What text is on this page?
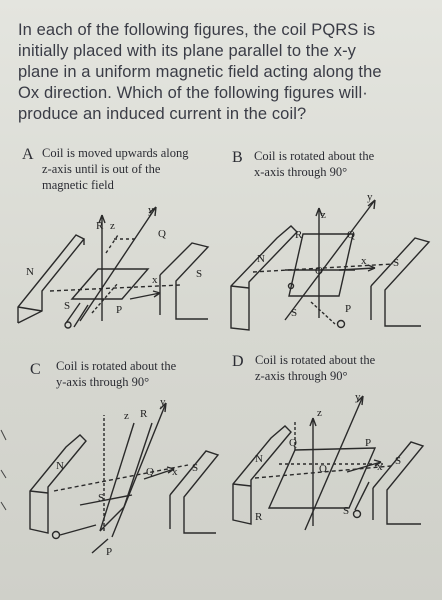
In each of the following figures, the coil PQRS is
initially placed with its plane parallel to the x-y
plane in a uniform magnetic field acting along the
Ox direction. Which of the following figures will·
produce an induced current in the coil?
A Coil is moved upwards along
z-axis until is out of the
magnetic field
B Coil is rotated about the
x-axis through 90°
C Coil is rotated about the
y-axis through 90°
D Coil is rotated about the
z-axis through 90°
N	S
R z
y
Q
x
S	P
N	S
R
z
y
Q
O
x
S	P
N	S
z R
y
Q x
S
P
N	S
z
y
Q	P
O	x
R	S
